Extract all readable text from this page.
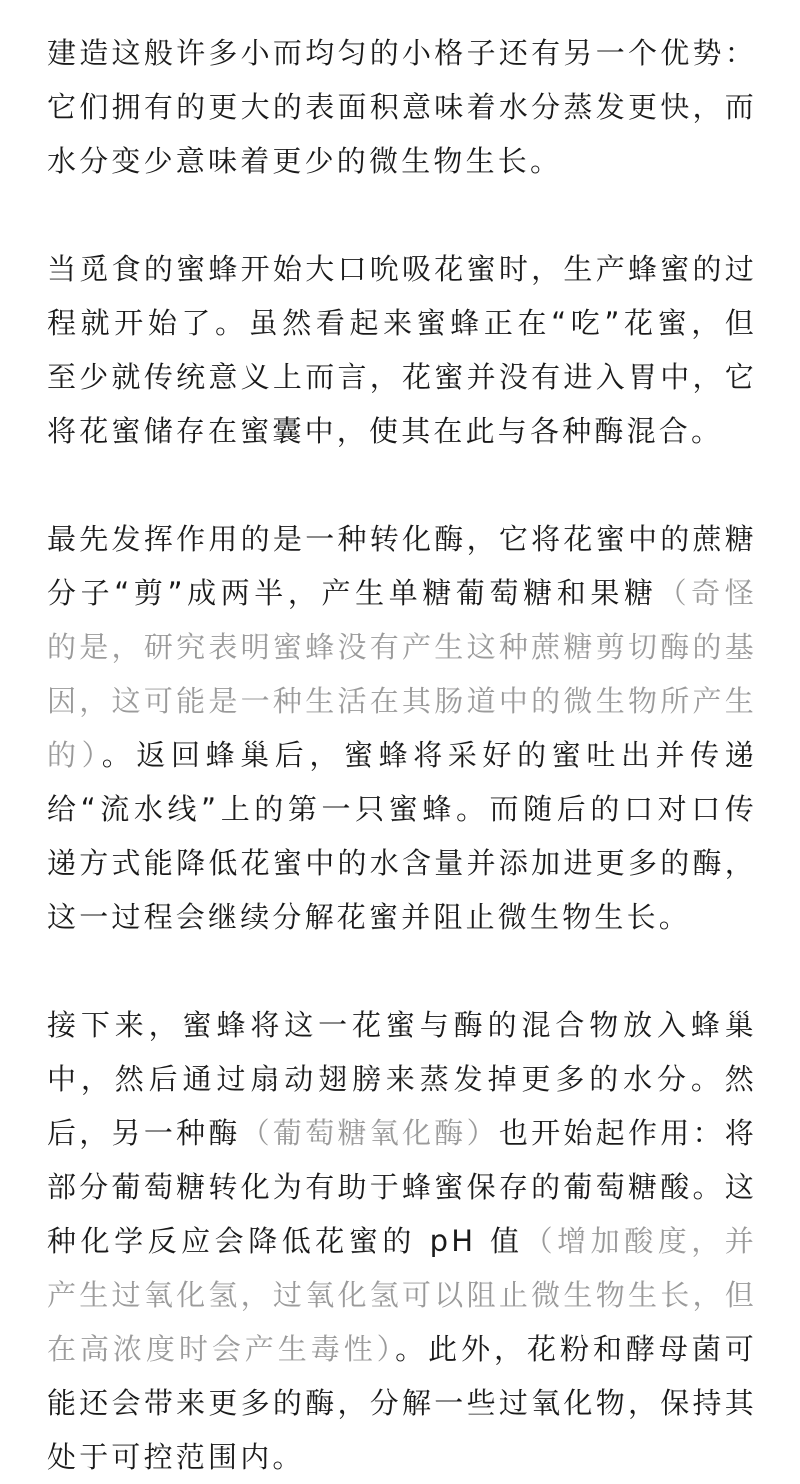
建造这般许多小而均匀的小格子还有另一个优势：它们拥有的更大的表面积意味着水分蒸发更快，而水分变少意味着更少的微生物生长。

当觅食的蜜蜂开始大口吮吸花蜜时，生产蜂蜜的过程就开始了。虽然看起来蜜蜂正在“吃”花蜜，但至少就传统意义上而言，花蜜并没有进入胃中，它将花蜜储存在蜜囊中，使其在此与各种酶混合。

最先发挥作用的是一种转化酶，它将花蜜中的蔗糖分子“剪”成两半，产生单糖葡萄糖和果糖（奇怪的是，研究表明蜜蜂没有产生这种蔗糖剪切酶的基因，这可能是一种生活在其肠道中的微生物所产生的）。返回蜂巢后，蜜蜂将采好的蜜吐出并传递给“流水线”上的第一只蜜蜂。而随后的口对口传递方式能降低花蜜中的水含量并添加进更多的酶，这一过程会继续分解花蜜并阻止微生物生长。

接下来，蜜蜂将这一花蜜与酶的混合物放入蜂巢中，然后通过扇动翅膀来蒸发掉更多的水分。然后，另一种酶（葡萄糖氧化酶）也开始起作用：将部分葡萄糖转化为有助于蜂蜜保存的葡萄糖酸。这种化学反应会降低花蜜的 pH 值（增加酸度，并产生过氧化氢，过氧化氢可以阻止微生物生长，但在高浓度时会产生毒性）。此外，花粉和酵母菌可能还会带来更多的酶，分解一些过氧化物，保持其处于可控范围内。
